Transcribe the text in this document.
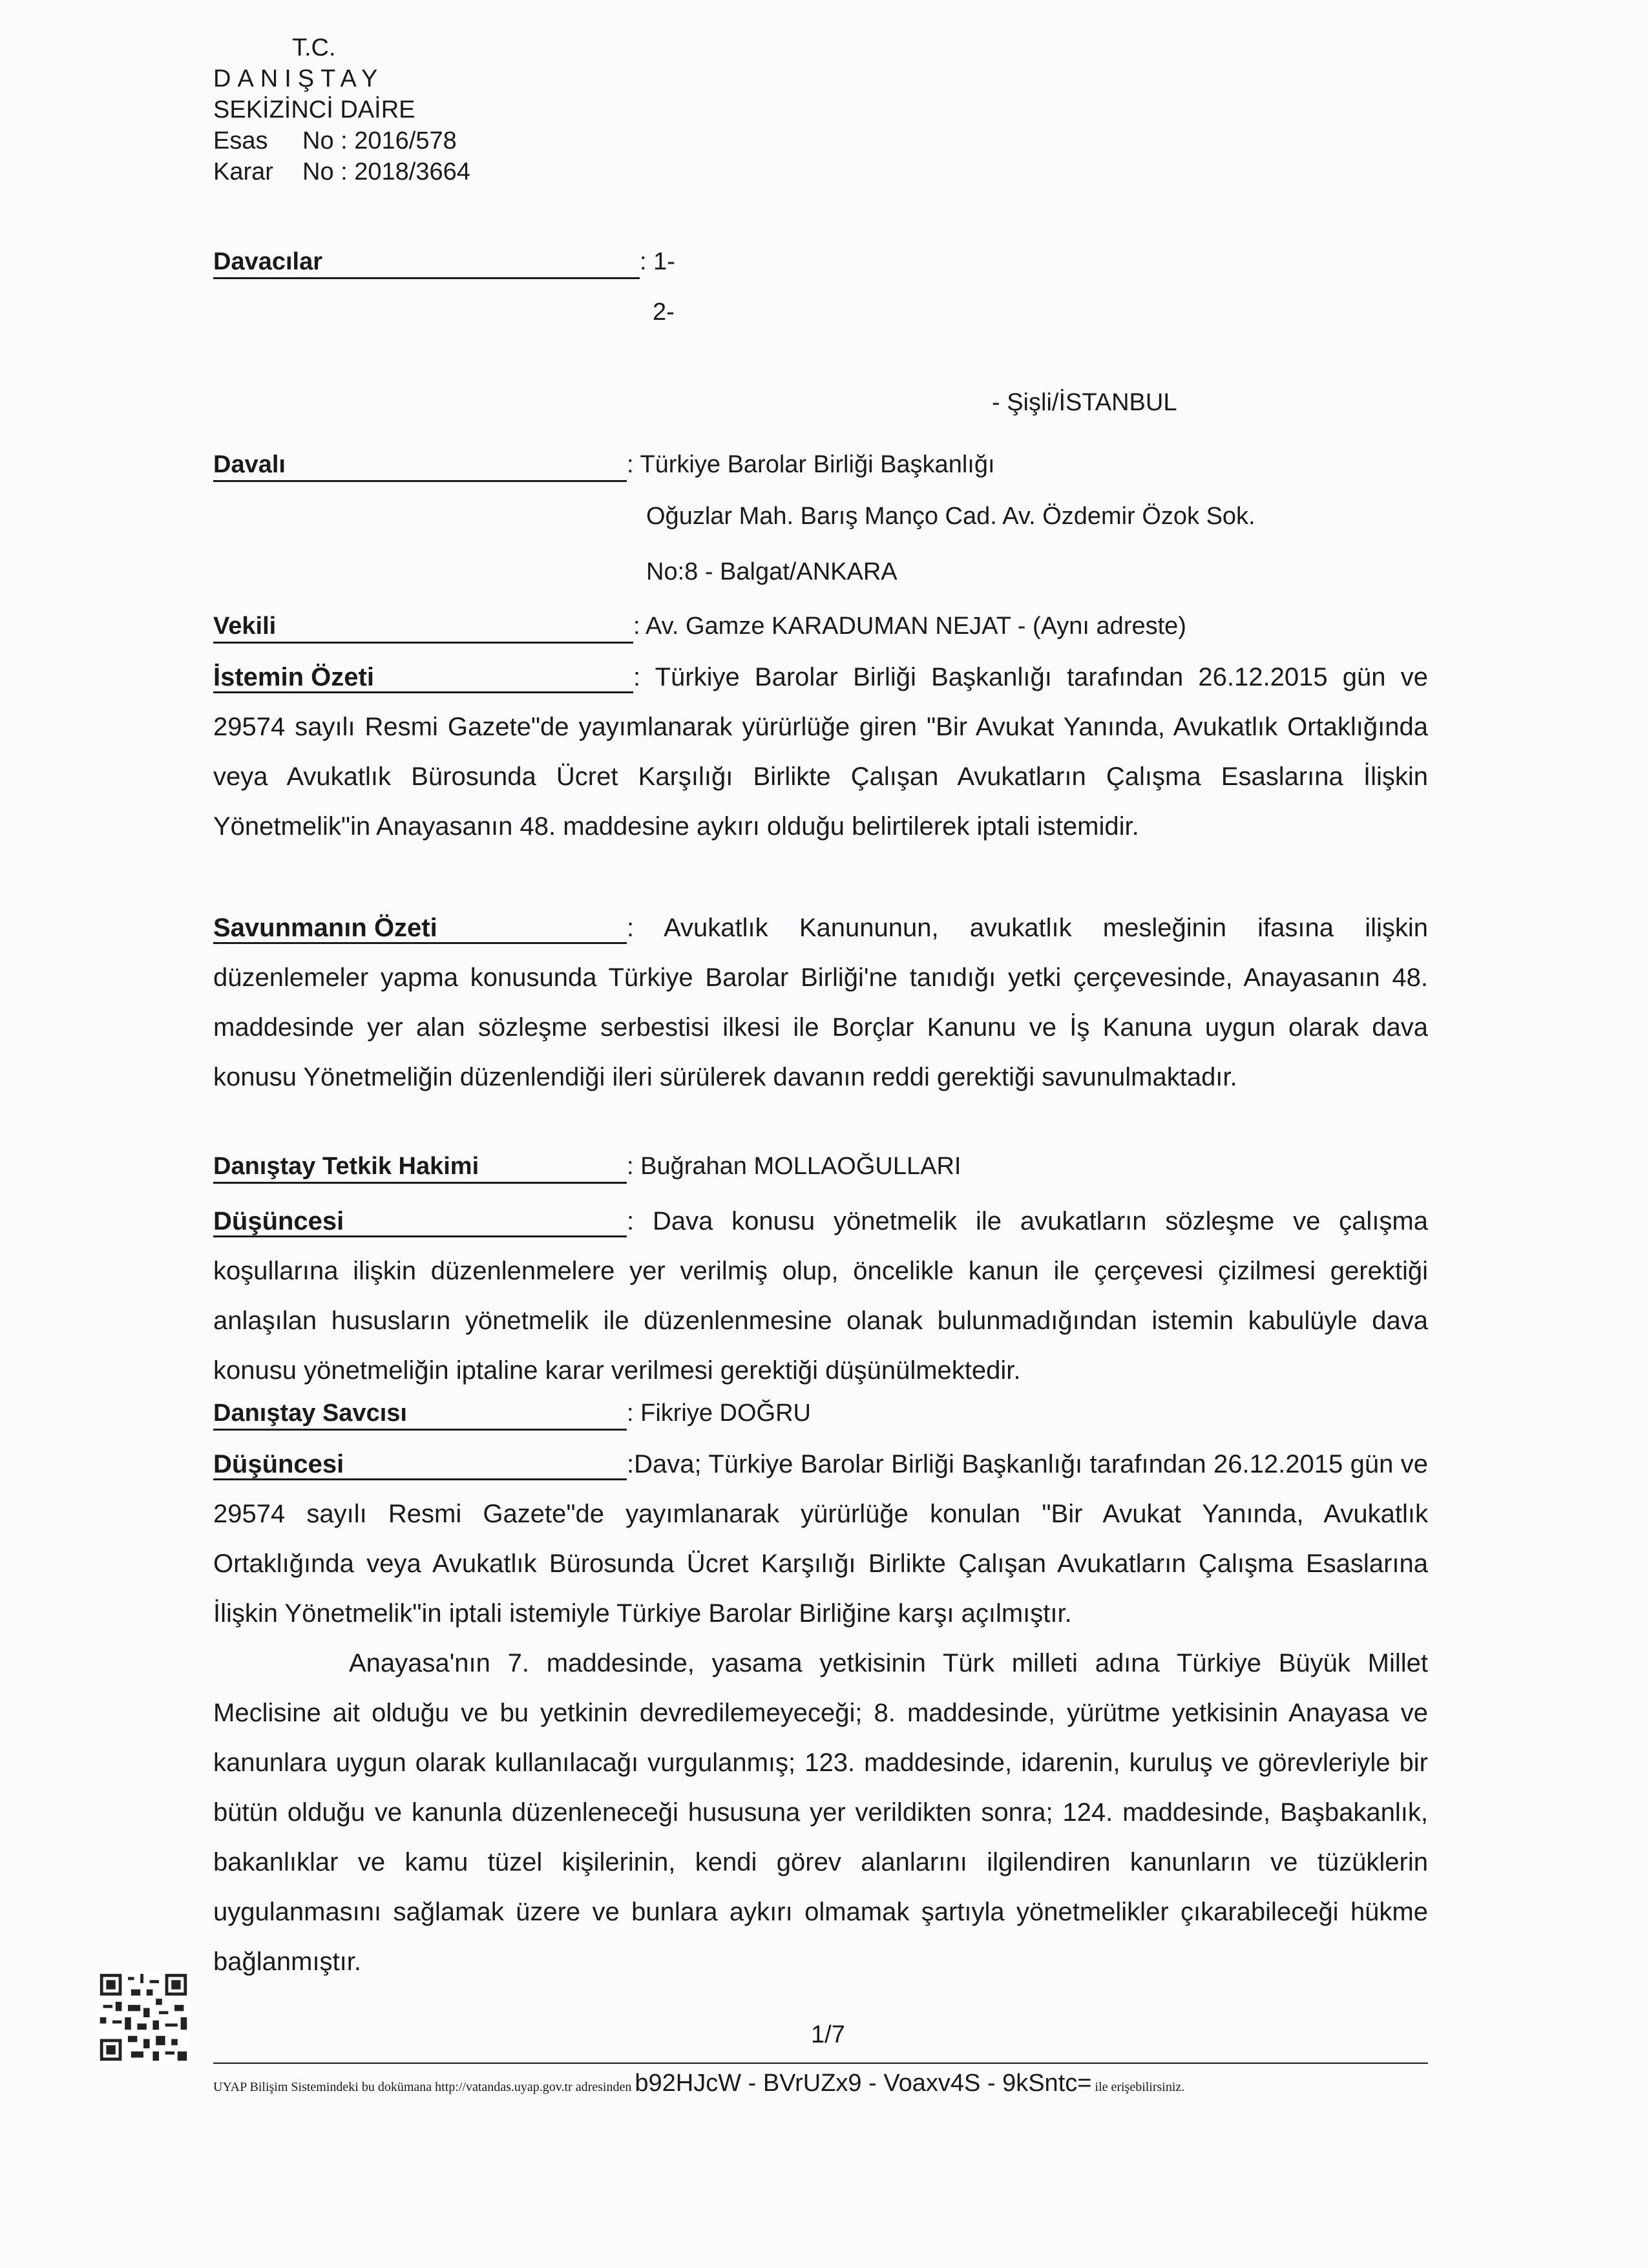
T.C.
DANIŞTAY
SEKİZİNCİ DAİRE
Esas No : 2016/578
Karar No : 2018/3664
Davacılar	: 1-
2-
- Şişli/İSTANBUL
Davalı	: Türkiye Barolar Birliği Başkanlığı
Oğuzlar Mah. Barış Manço Cad. Av. Özdemir Özok Sok.
No:8 - Balgat/ANKARA
Vekili	: Av. Gamze KARADUMAN NEJAT - (Aynı adreste)
İstemin Özeti	: Türkiye Barolar Birliği Başkanlığı tarafından 26.12.2015 gün ve 29574 sayılı Resmi Gazete"de yayımlanarak yürürlüğe giren "Bir Avukat Yanında, Avukatlık Ortaklığında veya Avukatlık Bürosunda Ücret Karşılığı Birlikte Çalışan Avukatların Çalışma Esaslarına İlişkin Yönetmelik"in Anayasanın 48. maddesine aykırı olduğu belirtilerek iptali istemidir.
Savunmanın Özeti	: Avukatlık Kanununun, avukatlık mesleğinin ifasına ilişkin düzenlemeler yapma konusunda Türkiye Barolar Birliği'ne tanıdığı yetki çerçevesinde, Anayasanın 48. maddesinde yer alan sözleşme serbestisi ilkesi ile Borçlar Kanunu ve İş Kanuna uygun olarak dava konusu Yönetmeliğin düzenlendiği ileri sürülerek davanın reddi gerektiği savunulmaktadır.
Danıştay Tetkik Hakimi	: Buğrahan MOLLAOĞULLARI
Düşüncesi	: Dava konusu yönetmelik ile avukatların sözleşme ve çalışma koşullarına ilişkin düzenlenmelere yer verilmiş olup, öncelikle kanun ile çerçevesi çizilmesi gerektiği anlaşılan hususların yönetmelik ile düzenlenmesine olanak bulunmadığından istemin kabulüyle dava konusu yönetmeliğin iptaline karar verilmesi gerektiği düşünülmektedir.
Danıştay Savcısı	: Fikriye DOĞRU
Düşüncesi	:Dava; Türkiye Barolar Birliği Başkanlığı tarafından 26.12.2015 gün ve 29574 sayılı Resmi Gazete"de yayımlanarak yürürlüğe konulan "Bir Avukat Yanında, Avukatlık Ortaklığında veya Avukatlık Bürosunda Ücret Karşılığı Birlikte Çalışan Avukatların Çalışma Esaslarına İlişkin Yönetmelik"in iptali istemiyle Türkiye Barolar Birliğine karşı açılmıştır.
Anayasa'nın 7. maddesinde, yasama yetkisinin Türk milleti adına Türkiye Büyük Millet Meclisine ait olduğu ve bu yetkinin devredilemeyeceği; 8. maddesinde, yürütme yetkisinin Anayasa ve kanunlara uygun olarak kullanılacağı vurgulanmış; 123. maddesinde, idarenin, kuruluş ve görevleriyle bir bütün olduğu ve kanunla düzenleneceği hususuna yer verildikten sonra; 124. maddesinde, Başbakanlık, bakanlıklar ve kamu tüzel kişilerinin, kendi görev alanlarını ilgilendiren kanunların ve tüzüklerin uygulanmasını sağlamak üzere ve bunlara aykırı olmamak şartıyla yönetmelikler çıkarabileceği hükme bağlanmıştır.
1/7
UYAP Bilişim Sistemindeki bu dokümana http://vatandas.uyap.gov.tr adresinden b92HJcW - BVrUZx9 - Voaxv4S - 9kSntc= ile erişebilirsiniz.
